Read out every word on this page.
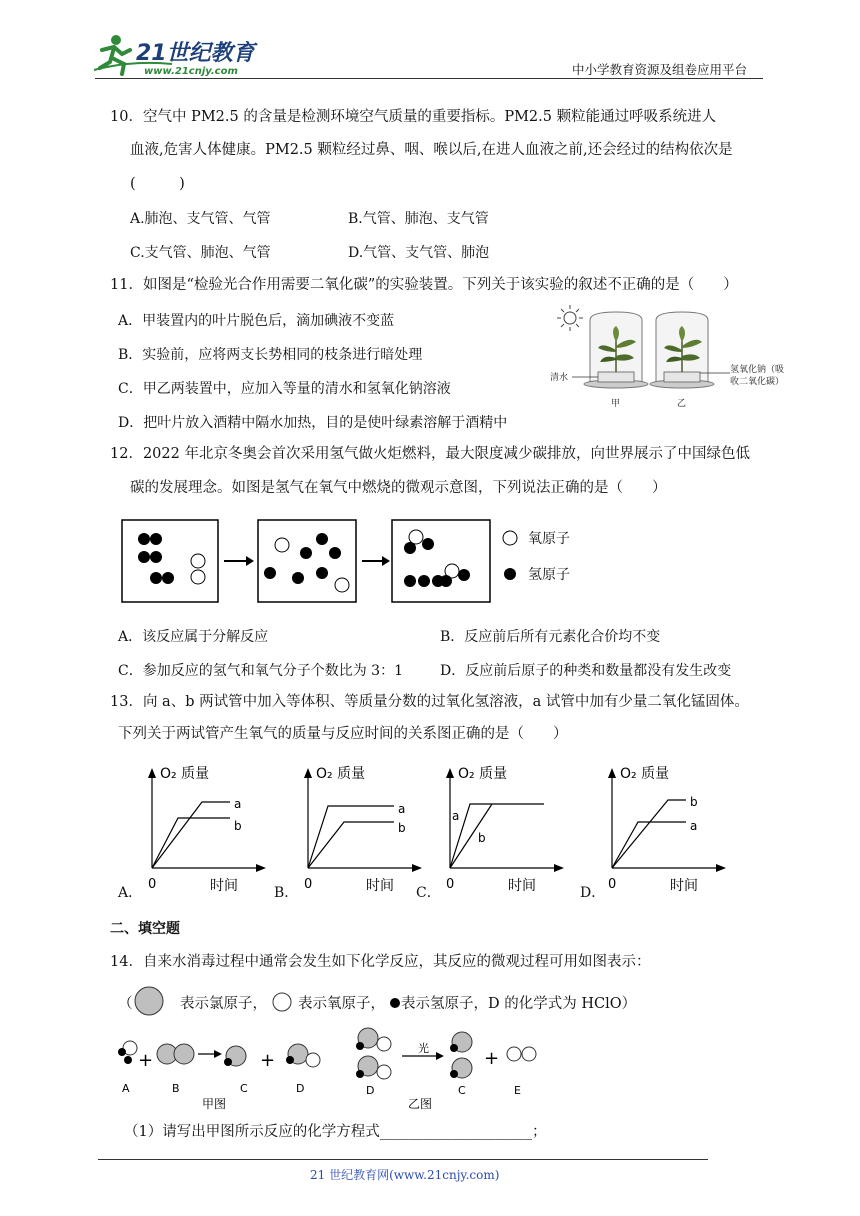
21世纪教育
www.21cnjy.com	中小学教育资源及组卷应用平台
10．空气中 PM2.5 的含量是检测环境空气质量的重要指标。PM2.5 颗粒能通过呼吸系统进人
血液,危害人体健康。PM2.5 颗粒经过鼻、咽、喉以后,在进人血液之前,还会经过的结构依次是
(　　　)
A.肺泡、支气管、气管	B.气管、肺泡、支气管
C.支气管、肺泡、气管	D.气管、支气管、肺泡
11．如图是“检验光合作用需要二氧化碳”的实验装置。下列关于该实验的叙述不正确的是（　　）
A．甲装置内的叶片脱色后，滴加碘液不变蓝
B．实验前，应将两支长势相同的枝条进行暗处理
C．甲乙两装置中，应加入等量的清水和氢氧化钠溶液
D．把叶片放入酒精中隔水加热，目的是使叶绿素溶解于酒精中
清水
氢氧化钠（吸
收二氧化碳）
甲	乙
12．2022 年北京冬奥会首次采用氢气做火炬燃料，最大限度减少碳排放，向世界展示了中国绿色低
碳的发展理念。如图是氢气在氧气中燃烧的微观示意图，下列说法正确的是（　　）
氧原子
氢原子
A．该反应属于分解反应	B．反应前后所有元素化合价均不变
C．参加反应的氢气和氧气分子个数比为 3：1	D．反应前后原子的种类和数量都没有发生改变
13．向 a、b 两试管中加入等体积、等质量分数的过氧化氢溶液，a 试管中加有少量二氧化锰固体。
下列关于两试管产生氧气的质量与反应时间的关系图正确的是（　　）
A．
O₂ 质量
a
b
0	时间	B．
O₂ 质量
a
b
0	时间 C．
O₂ 质量
a
b
0	时间	D．
O₂ 质量
b
a
0	时间
二、填空题
14．自来水消毒过程中通常会发生如下化学反应，其反应的微观过程可用如图表示：
（	表示氯原子， 表示氧原子， 表示氢原子，D 的化学式为 HClO）
+	+
A	B	C	D
甲图
光	+
D	C	E
乙图
（1）请写出甲图所示反应的化学方程式_____________________；
21 世纪教育网(www.21cnjy.com)
